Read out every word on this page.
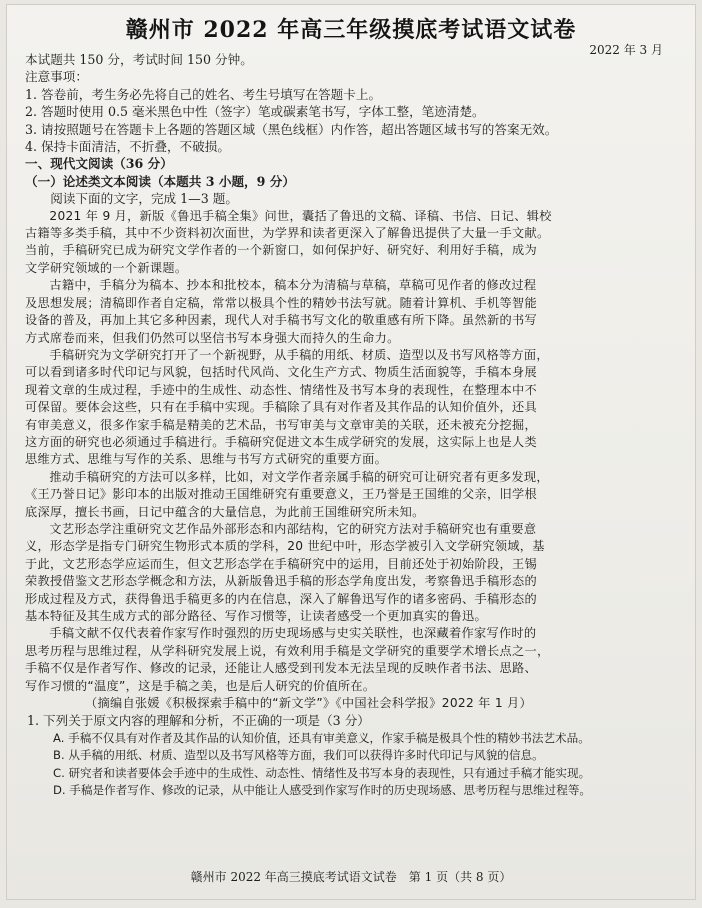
赣州市 2022 年高三年级摸底考试语文试卷
2022 年 3 月
本试题共 150 分，考试时间 150 分钟。
注意事项：
1. 答卷前，考生务必先将自己的姓名、考生号填写在答题卡上。
2. 答题时使用 0.5 毫米黑色中性（签字）笔或碳素笔书写，字体工整，笔迹清楚。
3. 请按照题号在答题卡上各题的答题区域（黑色线框）内作答，超出答题区域书写的答案无效。
4. 保持卡面清洁，不折叠，不破损。
一、现代文阅读（36 分）
（一）论述类文本阅读（本题共 3 小题，9 分）
阅读下面的文字，完成 1—3 题。
2021 年 9 月，新版《鲁迅手稿全集》问世，囊括了鲁迅的文稿、译稿、书信、日记、辑校
古籍等多类手稿，其中不少资料初次面世，为学界和读者更深入了解鲁迅提供了大量一手文献。
当前，手稿研究已成为研究文学作者的一个新窗口，如何保护好、研究好、利用好手稿，成为
文学研究领域的一个新课题。
古籍中，手稿分为稿本、抄本和批校本，稿本分为清稿与草稿，草稿可见作者的修改过程
及思想发展；清稿即作者自定稿，常常以极具个性的精妙书法写就。随着计算机、手机等智能
设备的普及，再加上其它多种因素，现代人对手稿书写文化的敬重感有所下降。虽然新的书写
方式席卷而来，但我们仍然可以坚信书写本身强大而持久的生命力。
手稿研究为文学研究打开了一个新视野，从手稿的用纸、材质、造型以及书写风格等方面，
可以看到诸多时代印记与风貌，包括时代风尚、文化生产方式、物质生活面貌等，手稿本身展
现着文章的生成过程，手迹中的生成性、动态性、情绪性及书写本身的表现性，在整理本中不
可保留。要体会这些，只有在手稿中实现。手稿除了具有对作者及其作品的认知价值外，还具
有审美意义，很多作家手稿是精美的艺术品，书写审美与文章审美的关联，还未被充分挖掘，
这方面的研究也必须通过手稿进行。手稿研究促进文本生成学研究的发展，这实际上也是人类
思维方式、思维与写作的关系、思维与书写方式研究的重要方面。
推动手稿研究的方法可以多样，比如，对文学作者亲属手稿的研究可让研究者有更多发现，
《王乃誉日记》影印本的出版对推动王国维研究有重要意义，王乃誉是王国维的父亲，旧学根
底深厚，擅长书画，日记中蕴含的大量信息，为此前王国维研究所未知。
文艺形态学注重研究文艺作品外部形态和内部结构，它的研究方法对手稿研究也有重要意
义，形态学是指专门研究生物形式本质的学科，20 世纪中叶，形态学被引入文学研究领域，基
于此，文艺形态学应运而生，但文艺形态学在手稿研究中的运用，目前还处于初始阶段，王锡
荣教授借鉴文艺形态学概念和方法，从新版鲁迅手稿的形态学角度出发，考察鲁迅手稿形态的
形成过程及方式，获得鲁迅手稿更多的内在信息，深入了解鲁迅写作的诸多密码、手稿形态的
基本特征及其生成方式的部分路径、写作习惯等，让读者感受一个更加真实的鲁迅。
手稿文献不仅代表着作家写作时强烈的历史现场感与史实关联性，也深藏着作家写作时的
思考历程与思维过程，从学科研究发展上说，有效利用手稿是文学研究的重要学术增长点之一，
手稿不仅是作者写作、修改的记录，还能让人感受到刊发本无法呈现的反映作者书法、思路、
写作习惯的“温度”，这是手稿之美，也是后人研究的价值所在。
（摘编自张媛《积极探索手稿中的“新文学”》《中国社会科学报》2022 年 1 月）
1. 下列关于原文内容的理解和分析，不正确的一项是（3 分）
A. 手稿不仅具有对作者及其作品的认知价值，还具有审美意义，作家手稿是极具个性的精妙书法艺术品。
B. 从手稿的用纸、材质、造型以及书写风格等方面，我们可以获得许多时代印记与风貌的信息。
C. 研究者和读者要体会手迹中的生成性、动态性、情绪性及书写本身的表现性，只有通过手稿才能实现。
D. 手稿是作者写作、修改的记录，从中能让人感受到作家写作时的历史现场感、思考历程与思维过程等。
赣州市 2022 年高三摸底考试语文试卷　第 1 页（共 8 页）
